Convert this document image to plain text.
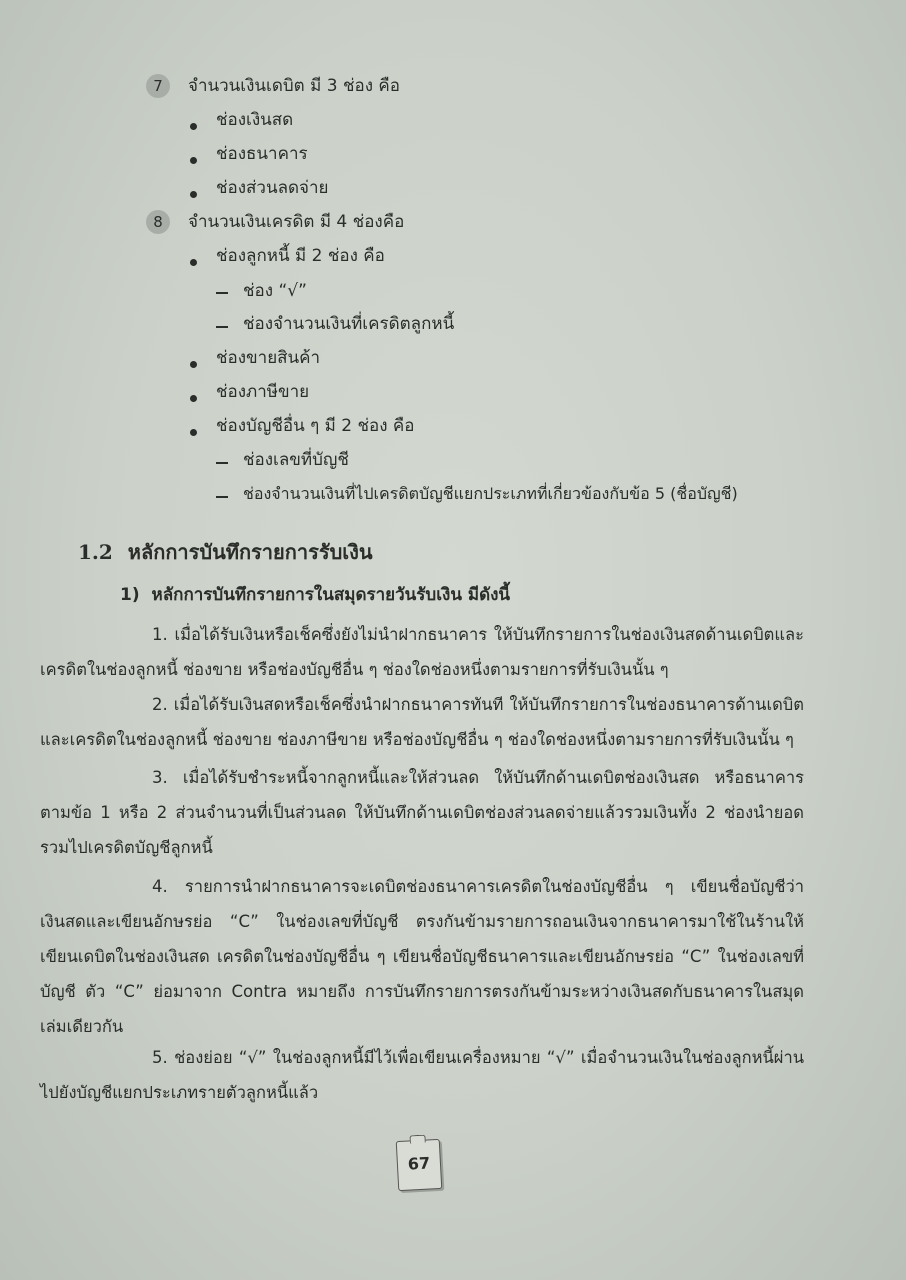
7	จำนวนเงินเดบิต มี 3 ช่อง คือ
ช่องเงินสด
ช่องธนาคาร
ช่องส่วนลดจ่าย
8	จำนวนเงินเครดิต มี 4 ช่องคือ
ช่องลูกหนี้ มี 2 ช่อง คือ
ช่อง “√”
ช่องจำนวนเงินที่เครดิตลูกหนี้
ช่องขายสินค้า
ช่องภาษีขาย
ช่องบัญชีอื่น ๆ มี 2 ช่อง คือ
ช่องเลขที่บัญชี
ช่องจำนวนเงินที่ไปเครดิตบัญชีแยกประเภทที่เกี่ยวข้องกับข้อ 5 (ชื่อบัญชี)
1.2 หลักการบันทึกรายการรับเงิน
1) หลักการบันทึกรายการในสมุดรายวันรับเงิน มีดังนี้
1. เมื่อได้รับเงินหรือเช็คซึ่งยังไม่นำฝากธนาคาร ให้บันทึกรายการในช่องเงินสดด้านเดบิตและเครดิตในช่องลูกหนี้ ช่องขาย หรือช่องบัญชีอื่น ๆ ช่องใดช่องหนึ่งตามรายการที่รับเงินนั้น ๆ
2. เมื่อได้รับเงินสดหรือเช็คซึ่งนำฝากธนาคารทันที ให้บันทึกรายการในช่องธนาคารด้านเดบิตและเครดิตในช่องลูกหนี้ ช่องขาย ช่องภาษีขาย หรือช่องบัญชีอื่น ๆ ช่องใดช่องหนึ่งตามรายการที่รับเงินนั้น ๆ
3. เมื่อได้รับชำระหนี้จากลูกหนี้และให้ส่วนลด ให้บันทึกด้านเดบิตช่องเงินสด หรือธนาคารตามข้อ 1 หรือ 2 ส่วนจำนวนที่เป็นส่วนลด ให้บันทึกด้านเดบิตช่องส่วนลดจ่ายแล้วรวมเงินทั้ง 2 ช่องนำยอดรวมไปเครดิตบัญชีลูกหนี้
4. รายการนำฝากธนาคารจะเดบิตช่องธนาคารเครดิตในช่องบัญชีอื่น ๆ เขียนชื่อบัญชีว่าเงินสดและเขียนอักษรย่อ “C” ในช่องเลขที่บัญชี ตรงกันข้ามรายการถอนเงินจากธนาคารมาใช้ในร้านให้เขียนเดบิตในช่องเงินสด เครดิตในช่องบัญชีอื่น ๆ เขียนชื่อบัญชีธนาคารและเขียนอักษรย่อ “C” ในช่องเลขที่บัญชี ตัว “C” ย่อมาจาก Contra หมายถึง การบันทึกรายการตรงกันข้ามระหว่างเงินสดกับธนาคารในสมุดเล่มเดียวกัน
5. ช่องย่อย “√” ในช่องลูกหนี้มีไว้เพื่อเขียนเครื่องหมาย “√” เมื่อจำนวนเงินในช่องลูกหนี้ผ่านไปยังบัญชีแยกประเภทรายตัวลูกหนี้แล้ว
67
